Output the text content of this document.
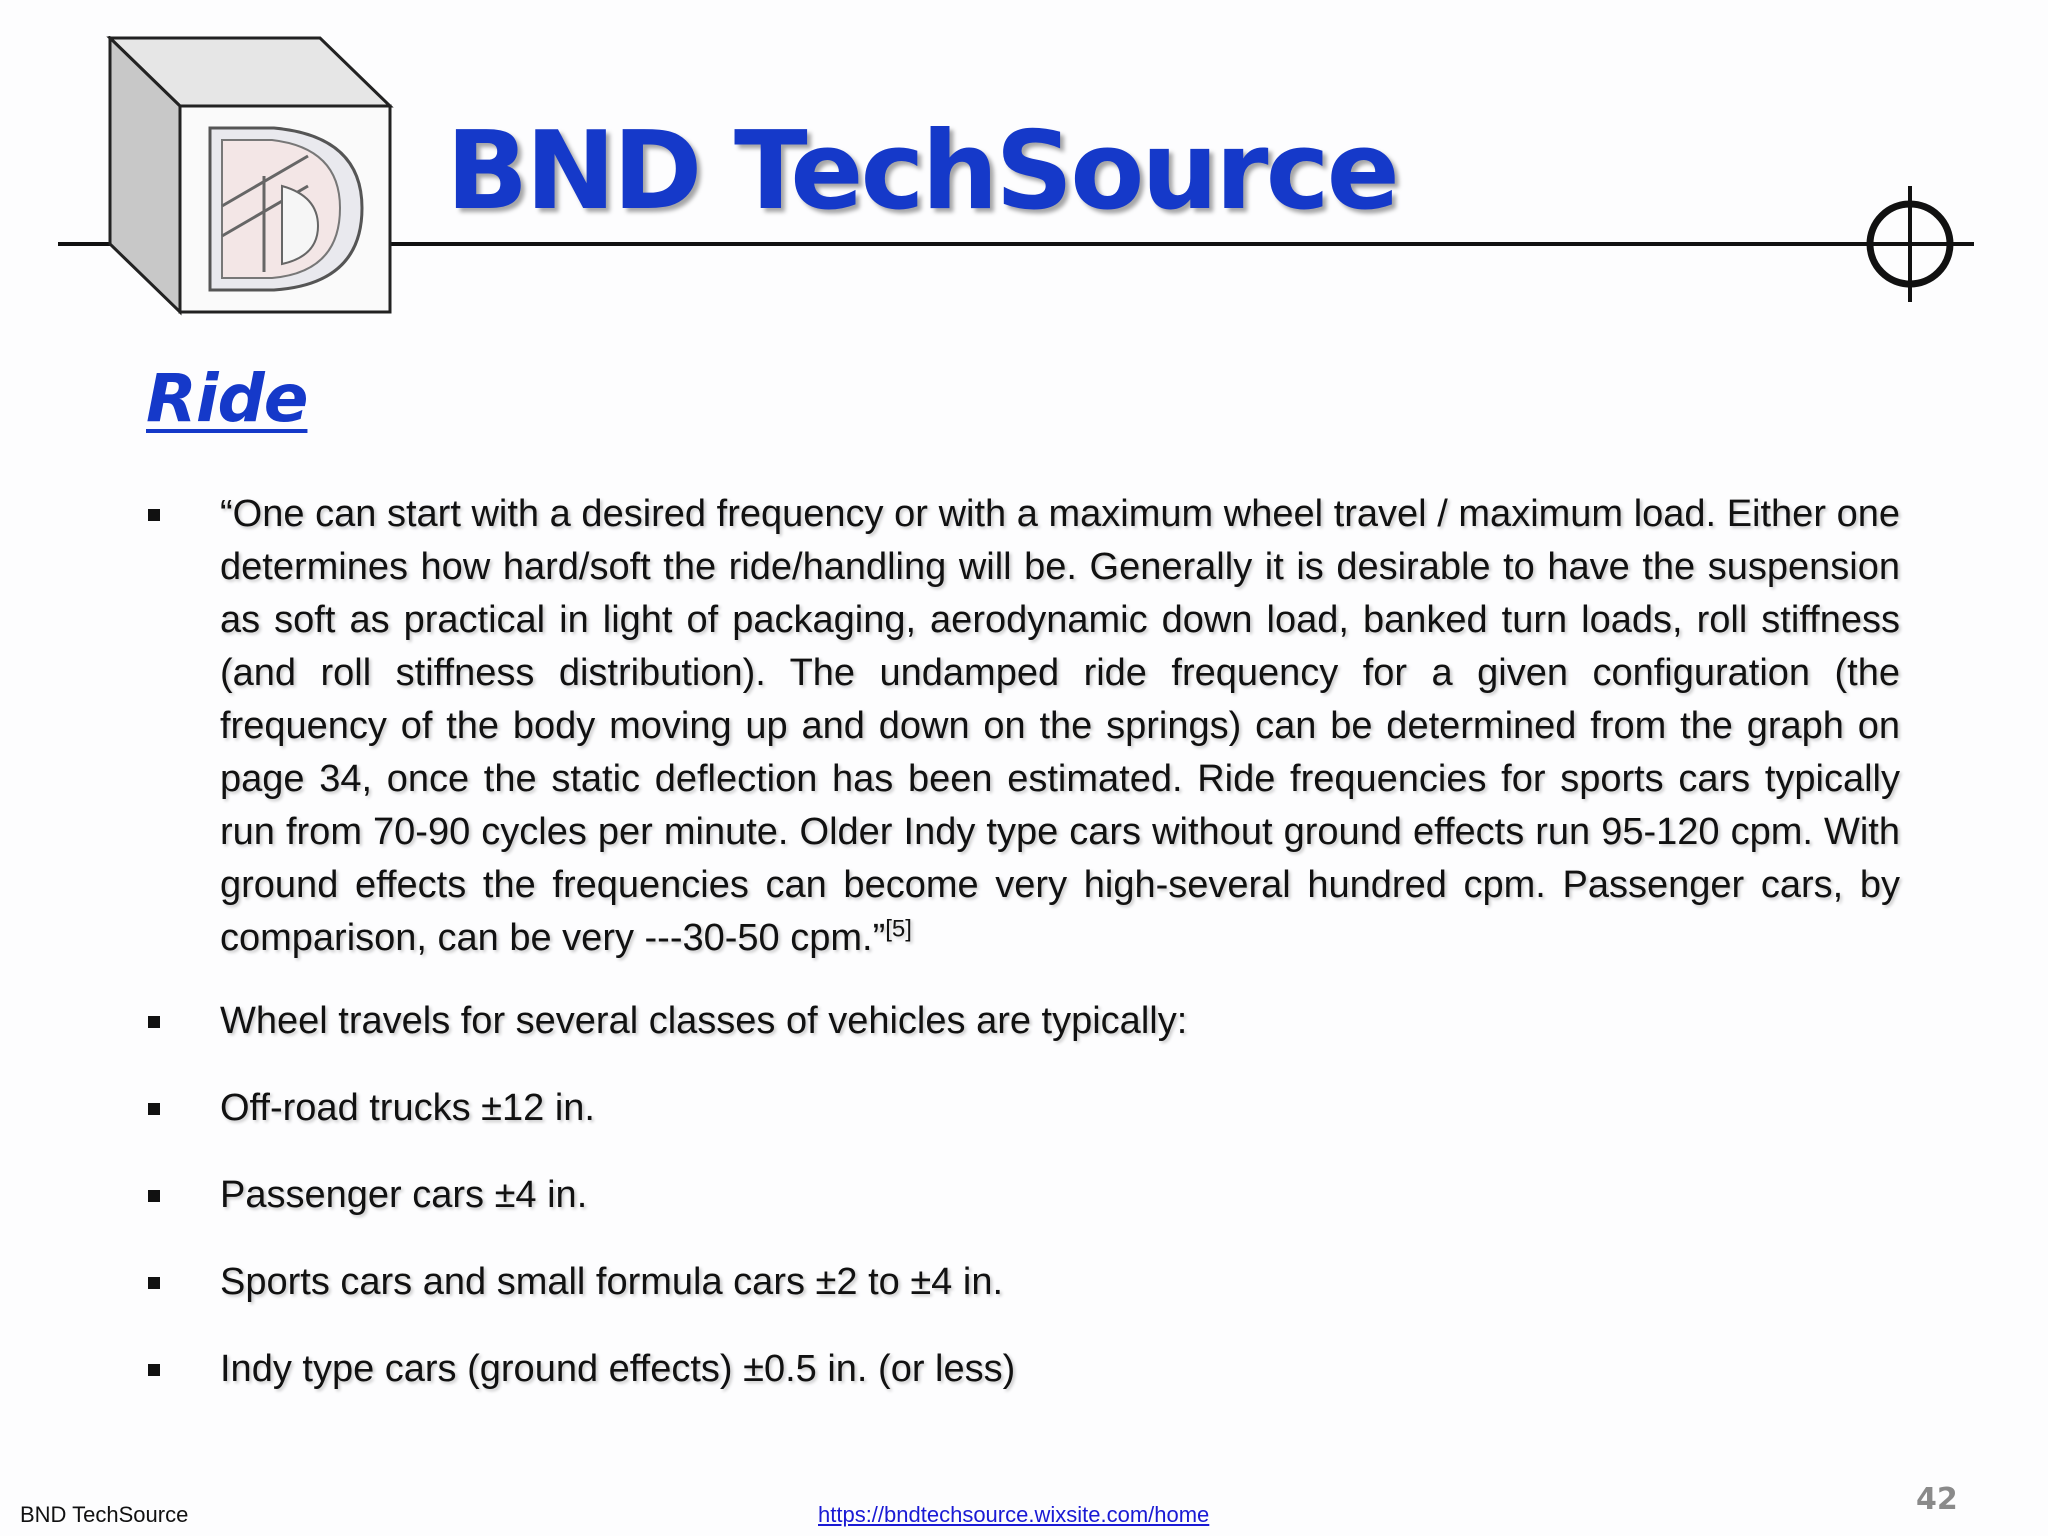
BND TechSource
Ride
“One can start with a desired frequency or with a maximum wheel travel / maximum load. Either one determines how hard/soft the ride/handling will be. Generally it is desirable to have the suspension as soft as practical in light of packaging, aerodynamic down load, banked turn loads, roll stiffness (and roll stiffness distribution). The undamped ride frequency for a given configuration (the frequency of the body moving up and down on the springs) can be determined from the graph on page 34, once the static deflection has been estimated. Ride frequencies for sports cars typically run from 70-90 cycles per minute. Older Indy type cars without ground effects run 95-120 cpm. With ground effects the frequencies can become very high-several hundred cpm. Passenger cars, by comparison, can be very ---30-50 cpm.”[5]
Wheel travels for several classes of vehicles are typically:
Off-road trucks ±12 in.
Passenger cars ±4 in.
Sports cars and small formula cars ±2 to ±4 in.
Indy type cars (ground effects) ±0.5 in. (or less)
BND TechSource	https://bndtechsource.wixsite.com/home	42
